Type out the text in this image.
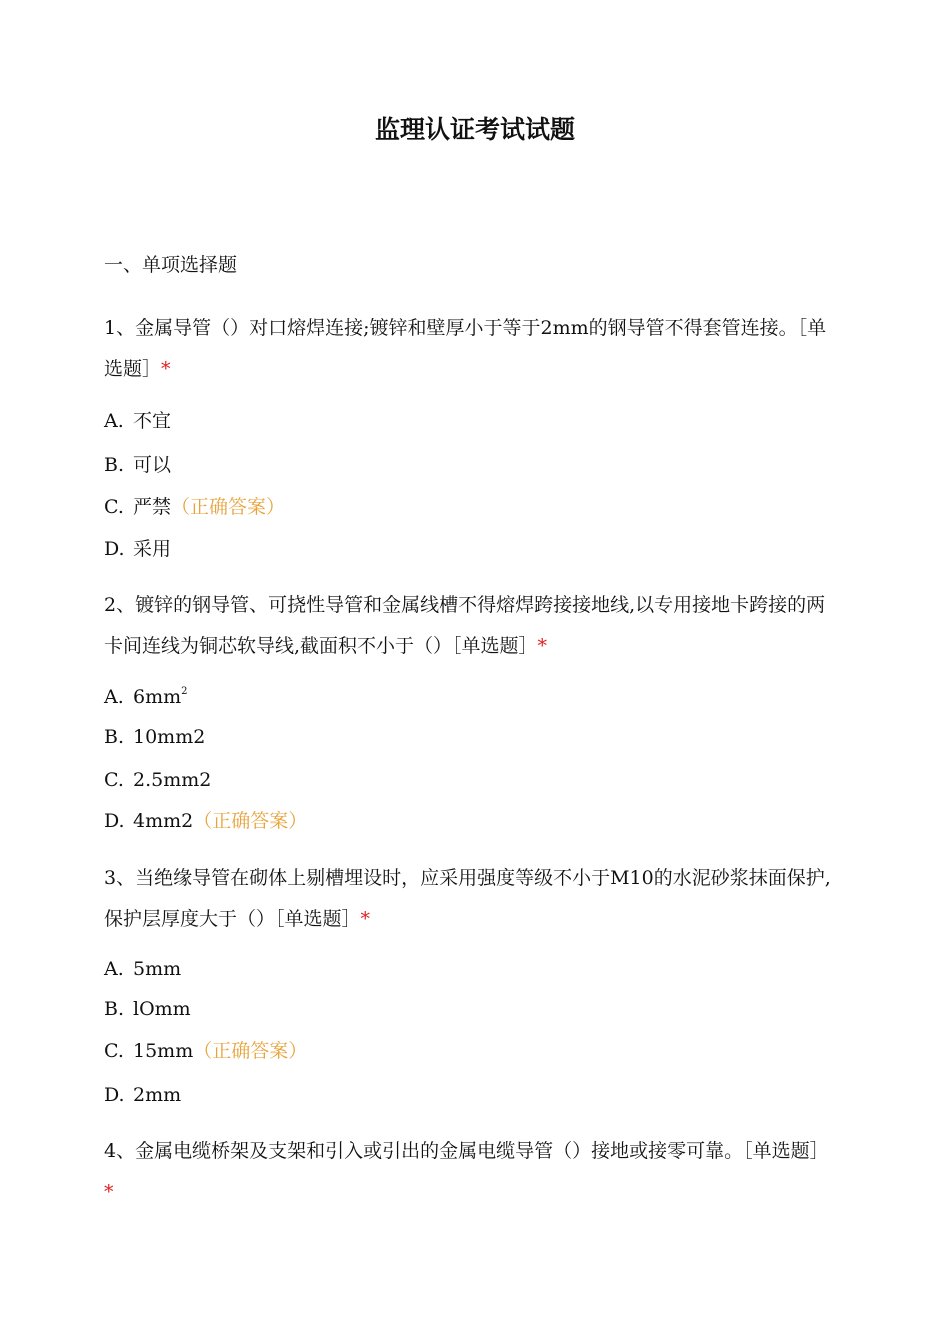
监理认证考试试题
一、单项选择题

1、金属导管（）对口熔焊连接;镀锌和壁厚小于等于2mm的钢导管不得套管连接。［单选题］*

A. 不宜
B. 可以
C. 严禁（正确答案）
D. 采用

2、镀锌的钢导管、可挠性导管和金属线槽不得熔焊跨接接地线,以专用接地卡跨接的两卡间连线为铜芯软导线,截面积不小于（）［单选题］*

A. $6mm^2$
B. 10mm2
C. 2.5mm2
D. 4mm2（正确答案）

3、当绝缘导管在砌体上剔槽埋设时，应采用强度等级不小于M10的水泥砂浆抹面保护,保护层厚度大于（）［单选题］*

A. 5mm
B. lOmm
C. 15mm（正确答案）
D. 2mm

4、金属电缆桥架及支架和引入或引出的金属电缆导管（）接地或接零可靠。［单选题］*
